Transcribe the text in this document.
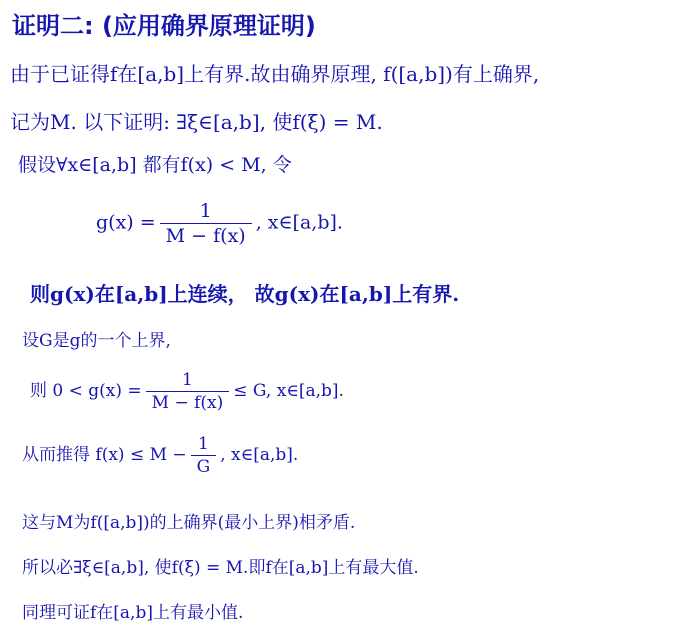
证明二: (应用确界原理证明)
由于已证得f在[a,b]上有界.故由确界原理, f([a,b])有上确界,
记为M. 以下证明: ∃ξ∈[a,b], 使f(ξ) = M.
假设∀x∈[a,b] 都有f(x) < M, 令
$g(x) = \frac{1}{M - f(x)}$ , x∈[a,b].
则g(x)在[a,b]上连续， 故g(x)在[a,b]上有界.
设G是g的一个上界,
则 $0 < g(x) = \frac{1}{M - f(x)} \le G$, x∈[a,b].
从而推得 $f(x) \le M - \frac{1}{G}$ , x∈[a,b].
这与M为f([a,b])的上确界(最小上界)相矛盾.
所以必∃ξ∈[a,b], 使f(ξ) = M.即f在[a,b]上有最大值.
同理可证f在[a,b]上有最小值.
